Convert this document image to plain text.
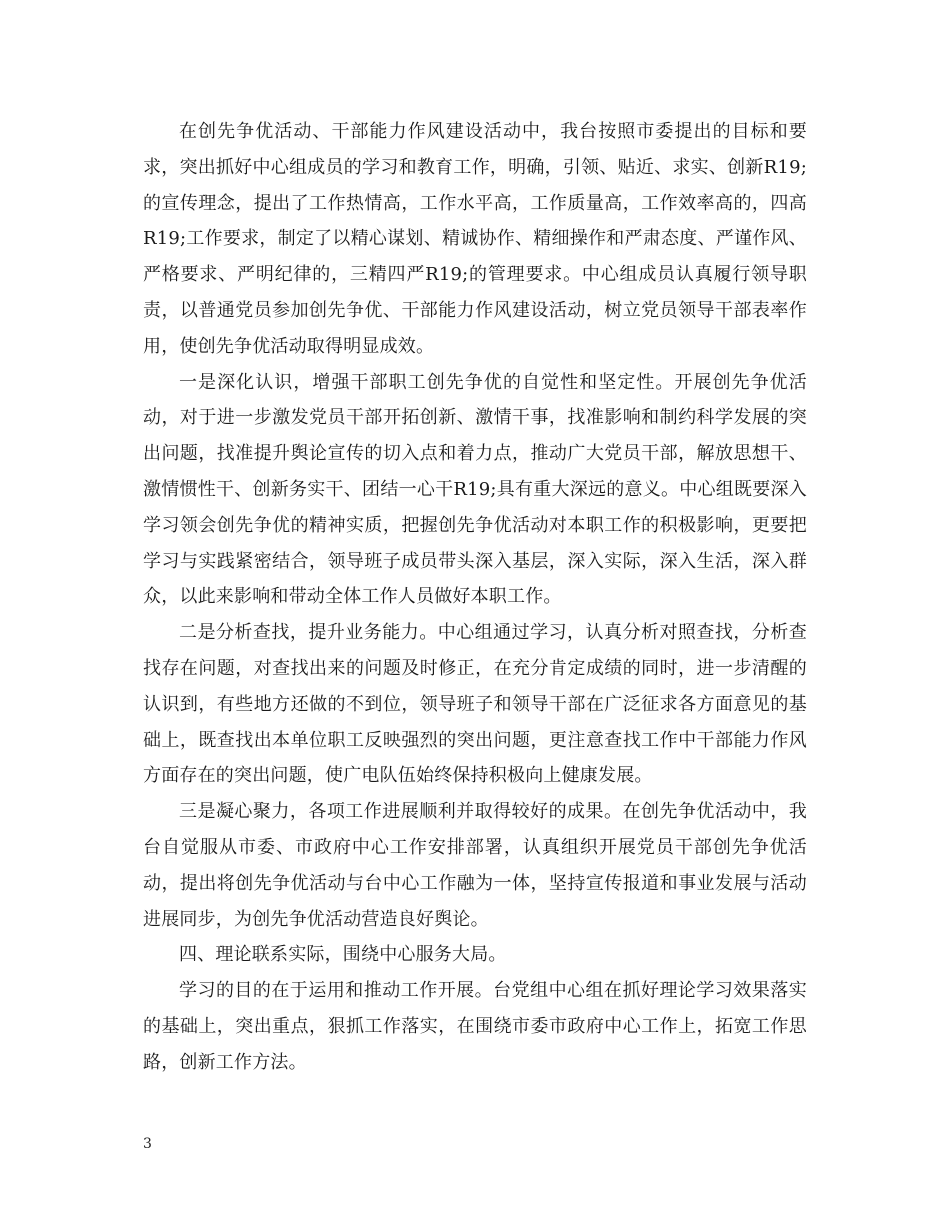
在创先争优活动、干部能力作风建设活动中，我台按照市委提出的目标和要求，突出抓好中心组成员的学习和教育工作，明确，引领、贴近、求实、创新R19;的宣传理念，提出了工作热情高，工作水平高，工作质量高，工作效率高的，四高R19;工作要求，制定了以精心谋划、精诚协作、精细操作和严肃态度、严谨作风、严格要求、严明纪律的，三精四严R19;的管理要求。中心组成员认真履行领导职责，以普通党员参加创先争优、干部能力作风建设活动，树立党员领导干部表率作用，使创先争优活动取得明显成效。

一是深化认识，增强干部职工创先争优的自觉性和坚定性。开展创先争优活动，对于进一步激发党员干部开拓创新、激情干事，找准影响和制约科学发展的突出问题，找准提升舆论宣传的切入点和着力点，推动广大党员干部，解放思想干、激情惯性干、创新务实干、团结一心干R19;具有重大深远的意义。中心组既要深入学习领会创先争优的精神实质，把握创先争优活动对本职工作的积极影响，更要把学习与实践紧密结合，领导班子成员带头深入基层，深入实际，深入生活，深入群众，以此来影响和带动全体工作人员做好本职工作。

二是分析查找，提升业务能力。中心组通过学习，认真分析对照查找，分析查找存在问题，对查找出来的问题及时修正，在充分肯定成绩的同时，进一步清醒的认识到，有些地方还做的不到位，领导班子和领导干部在广泛征求各方面意见的基础上，既查找出本单位职工反映强烈的突出问题，更注意查找工作中干部能力作风方面存在的突出问题，使广电队伍始终保持积极向上健康发展。

三是凝心聚力，各项工作进展顺利并取得较好的成果。在创先争优活动中，我台自觉服从市委、市政府中心工作安排部署，认真组织开展党员干部创先争优活动，提出将创先争优活动与台中心工作融为一体，坚持宣传报道和事业发展与活动进展同步，为创先争优活动营造良好舆论。

四、理论联系实际，围绕中心服务大局。

学习的目的在于运用和推动工作开展。台党组中心组在抓好理论学习效果落实的基础上，突出重点，狠抓工作落实，在围绕市委市政府中心工作上，拓宽工作思路，创新工作方法。

3
